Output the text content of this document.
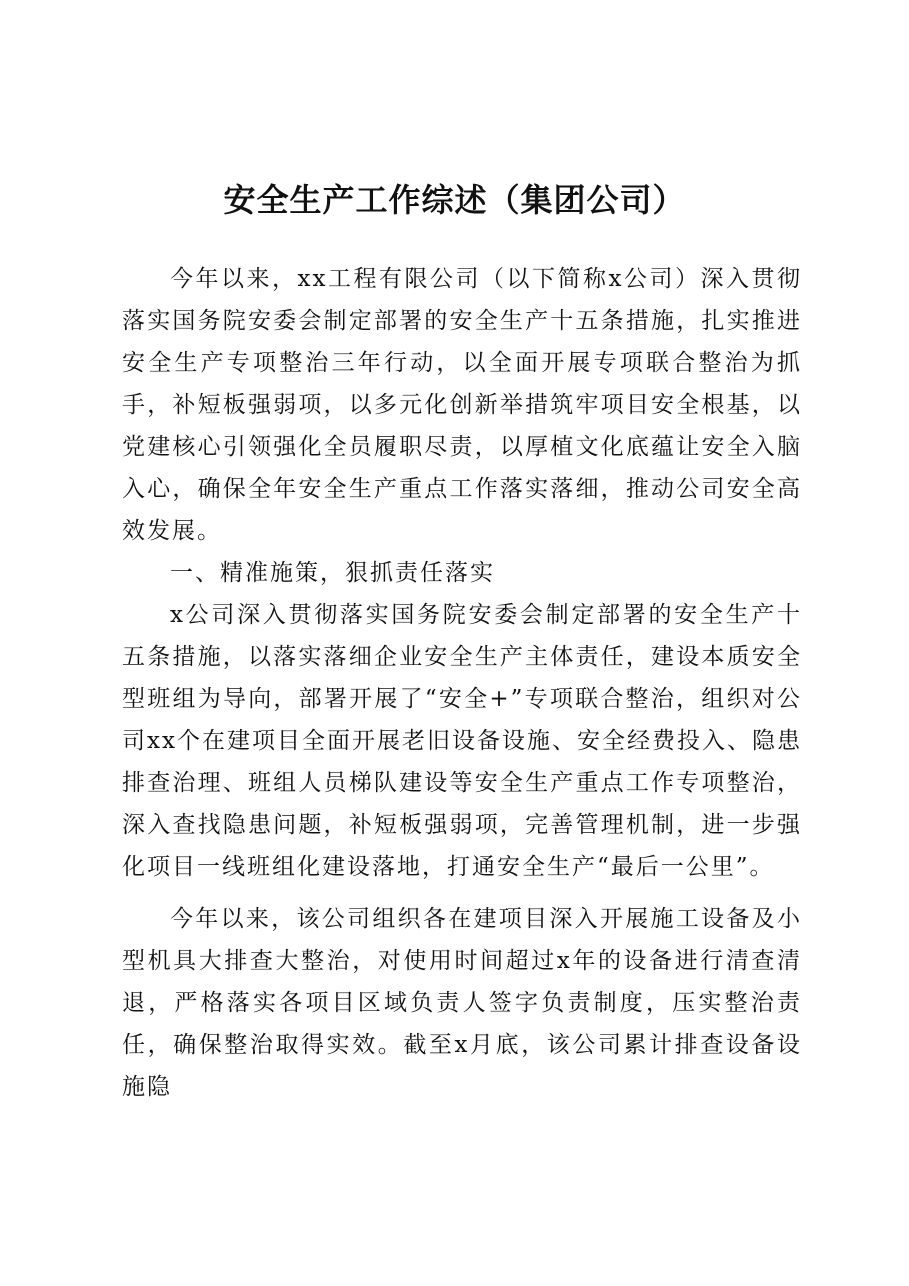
安全生产工作综述（集团公司）

今年以来，xx工程有限公司（以下简称x公司）深入贯彻落实国务院安委会制定部署的安全生产十五条措施，扎实推进安全生产专项整治三年行动，以全面开展专项联合整治为抓手，补短板强弱项，以多元化创新举措筑牢项目安全根基，以党建核心引领强化全员履职尽责，以厚植文化底蕴让安全入脑入心，确保全年安全生产重点工作落实落细，推动公司安全高效发展。

一、精准施策，狠抓责任落实

x公司深入贯彻落实国务院安委会制定部署的安全生产十五条措施，以落实落细企业安全生产主体责任，建设本质安全型班组为导向，部署开展了“安全+”专项联合整治，组织对公司xx个在建项目全面开展老旧设备设施、安全经费投入、隐患排查治理、班组人员梯队建设等安全生产重点工作专项整治，深入查找隐患问题，补短板强弱项，完善管理机制，进一步强化项目一线班组化建设落地，打通安全生产“最后一公里”。

今年以来，该公司组织各在建项目深入开展施工设备及小型机具大排查大整治，对使用时间超过x年的设备进行清查清退，严格落实各项目区域负责人签字负责制度，压实整治责任，确保整治取得实效。截至x月底，该公司累计排查设备设施隐
